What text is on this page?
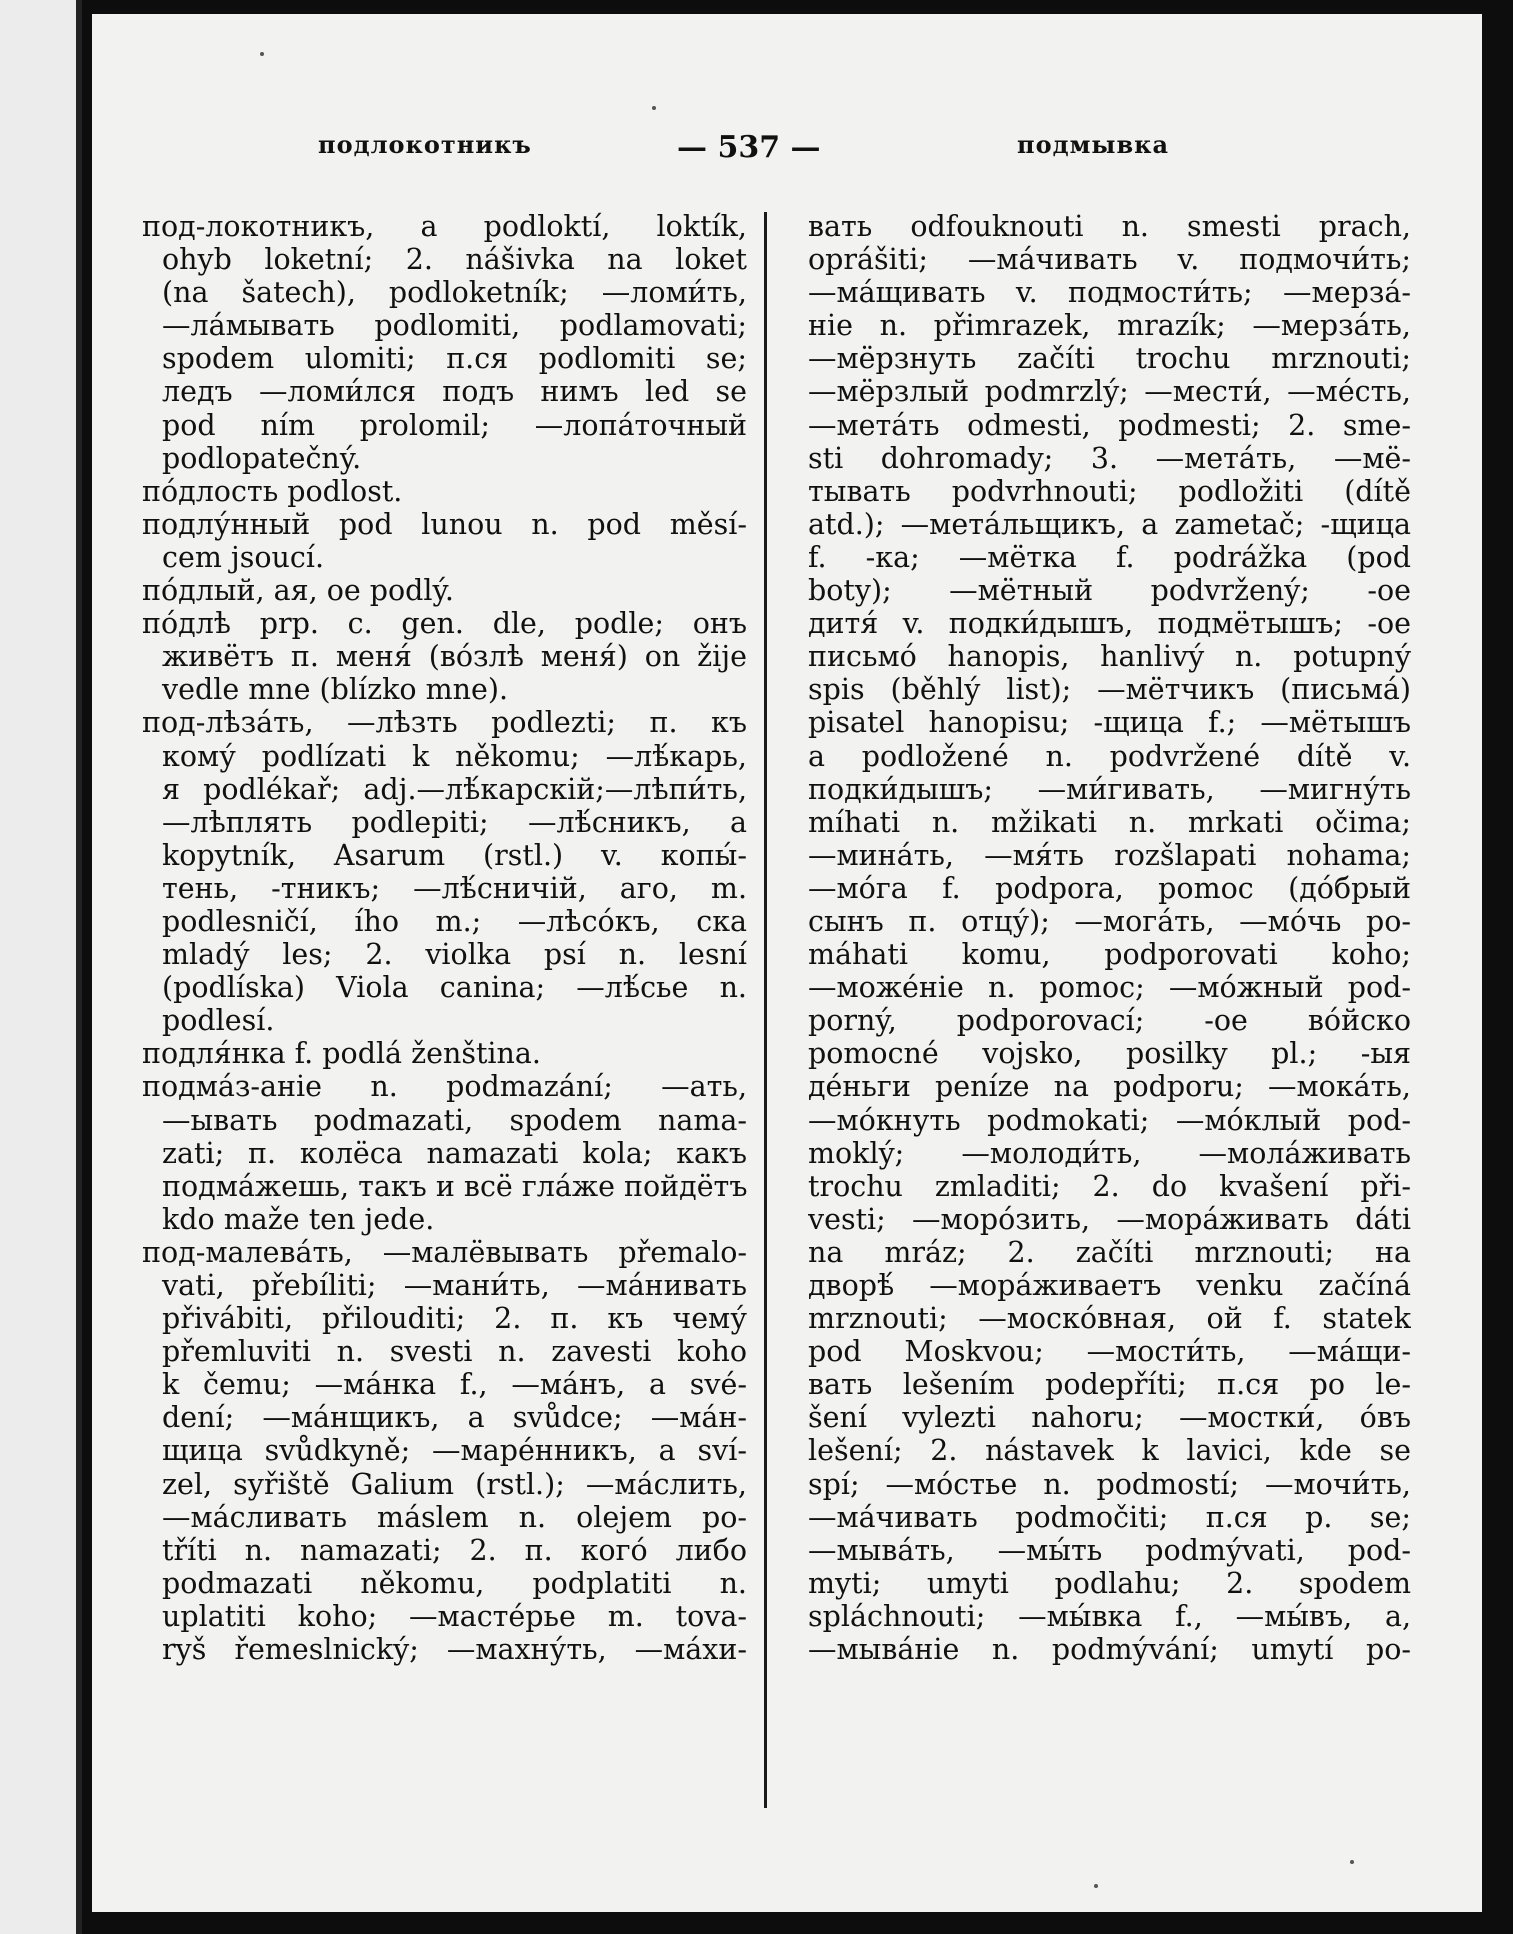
подлокотникъ	— 537 —	подмывка
под-локотникъ, а podloktí, loktík,
ohyb loketní; 2. nášivka na loket
(na šatech), podloketník; —ломи́ть,
—ла́мывать podlomiti, podlamovati;
spodem ulomiti; п.ся podlomiti se;
ледъ —ломи́лся подъ нимъ led se
pod ním prolomil; —лопа́точный
podlopatečný.
по́длость podlost.
подлу́нный pod lunou n. pod měsí-
cem jsoucí.
по́длый, ая, ое podlý.
по́длѣ prp. c. gen. dle, podle; онъ
живётъ п. меня́ (во́злѣ меня́) on žije
vedle mne (blízko mne).
под-лѣза́ть, —лѣзть podlezti; п. къ
кому́ podlízati k někomu; —лѣ́карь,
я podlékař; adj.—лѣ́карскій;—лѣпи́ть,
—лѣплять podlepiti; —лѣ́сникъ, а
kopytník, Asarum (rstl.) v. копы́-
тень, -тникъ; —лѣ́сничій, аго, m.
podlesničí, ího m.; —лѣсо́къ, ска
mladý les; 2. violka psí n. lesní
(podlíska) Viola canina; —лѣ́сье n.
podlesí.
подля́нка f. podlá ženština.
подма́з-аніе n. podmazání; —ать,
—ывать podmazati, spodem nama-
zati; п. колёса namazati kola; какъ
подма́жешь, такъ и всё гла́же пойдётъ
kdo maže ten jede.
под-малева́ть, —малёвывать přemalo-
vati, přebíliti; —мани́ть, —ма́нивать
přivábiti, přilouditi; 2. п. къ чему́
přemluviti n. svesti n. zavesti koho
k čemu; —ма́нка f., —ма́нъ, а své-
dení; —ма́нщикъ, а svůdce; —ма́н-
щица svůdkyně; —маре́нникъ, а sví-
zel, syřiště Galium (rstl.); —ма́слить,
—ма́сливать máslem n. olejem po-
tříti n. namazati; 2. п. кого́ либо
podmazati někomu, podplatiti n.
uplatiti koho; —мастéрье m. tova-
ryš řemeslnický; —махну́ть, —ма́хи-
вать odfouknouti n. smesti prach,
oprášiti; —ма́чивать v. подмочи́ть;
—ма́щивать v. подмости́ть; —мерза́-
ніе n. přimrazek, mrazík; —мерза́ть,
—мёрзнуть začíti trochu mrznouti;
—мёрзлый podmrzlý; —мести́, —ме́сть,
—мета́ть odmesti, podmesti; 2. sme-
sti dohromady; 3. —мета́ть, —мё-
тывать podvrhnouti; podložiti (dítě
atd.); —мета́льщикъ, а zametač; -щица
f. -ка; —мётка f. podrážka (pod
boty); —мётный podvržený; -ое
дитя́ v. подки́дышъ, подмётышъ; -ое
письмо́ hanopis, hanlivý n. potupný
spis (běhlý list); —мётчикъ (письма́)
pisatel hanopisu; -щица f.; —мётышъ
a podložené n. podvržené dítě v.
подки́дышъ; —ми́гивать, —мигну́ть
míhati n. mžikati n. mrkati očima;
—мина́ть, —мя́ть rozšlapati nohama;
—мо́га f. podpora, pomoc (до́брый
сынъ п. отцу́); —мога́ть, —мо́чь po-
máhati komu, podporovati koho;
—може́ніе n. pomoc; —мо́жный pod-
porný, podporovací; -ое во́йско
pomocné vojsko, posilky pl.; -ыя
де́ньги peníze na podporu; —мока́ть,
—мо́кнуть podmokati; —мо́клый pod-
moklý; —молоди́ть, —молáживать
trochu zmladiti; 2. do kvašení při-
vesti; —моро́зить, —мора́живать dáti
na mráz; 2. začíti mrznouti; на
дворѣ́ —мора́живаетъ venku začíná
mrznouti; —моско́вная, ой f. statek
pod Moskvou; —мости́ть, —ма́щи-
вать lešením podepříti; п.ся po le-
šení vylezti nahoru; —мостки́, о́въ
lešení; 2. nástavek k lavici, kde se
spí; —мо́стье n. podmostí; —мочи́ть,
—ма́чивать podmočiti; п.ся р. se;
—мыва́ть, —мы́ть podmývati, pod-
myti; umyti podlahu; 2. spodem
spláchnouti; —мы́вка f., —мы́въ, а,
—мыва́ніе n. podmývání; umytí po-
